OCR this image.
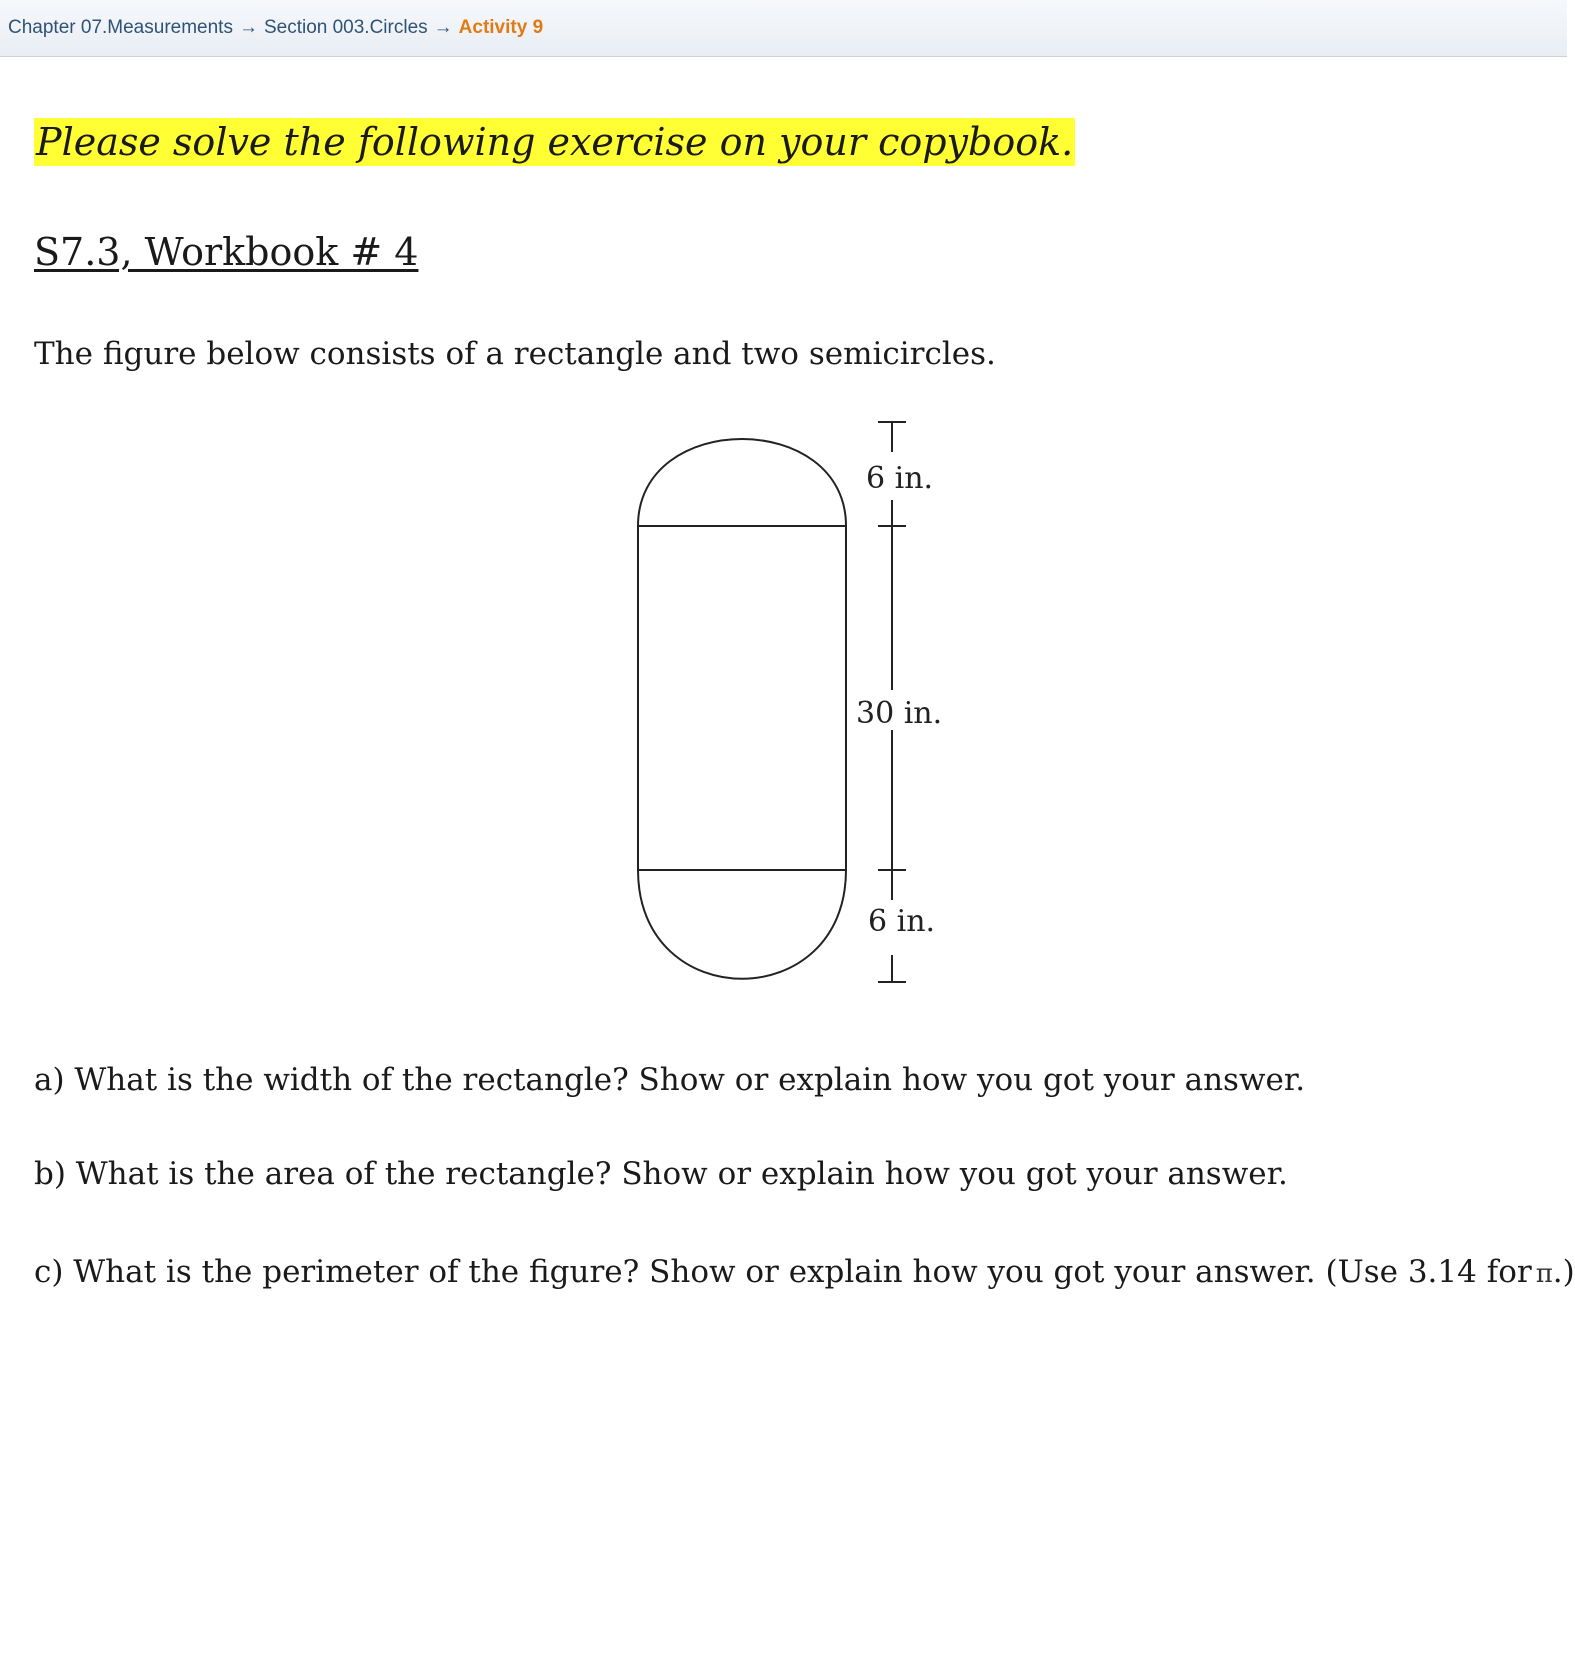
Chapter 07.Measurements → Section 003.Circles → Activity 9
Please solve the following exercise on your copybook.
S7.3, Workbook # 4
The figure below consists of a rectangle and two semicircles.
6 in.
30 in.
6 in.
a) What is the width of the rectangle? Show or explain how you got your answer.
b) What is the area of the rectangle? Show or explain how you got your answer.
c) What is the perimeter of the figure? Show or explain how you got your answer. (Use 3.14 for π.)
